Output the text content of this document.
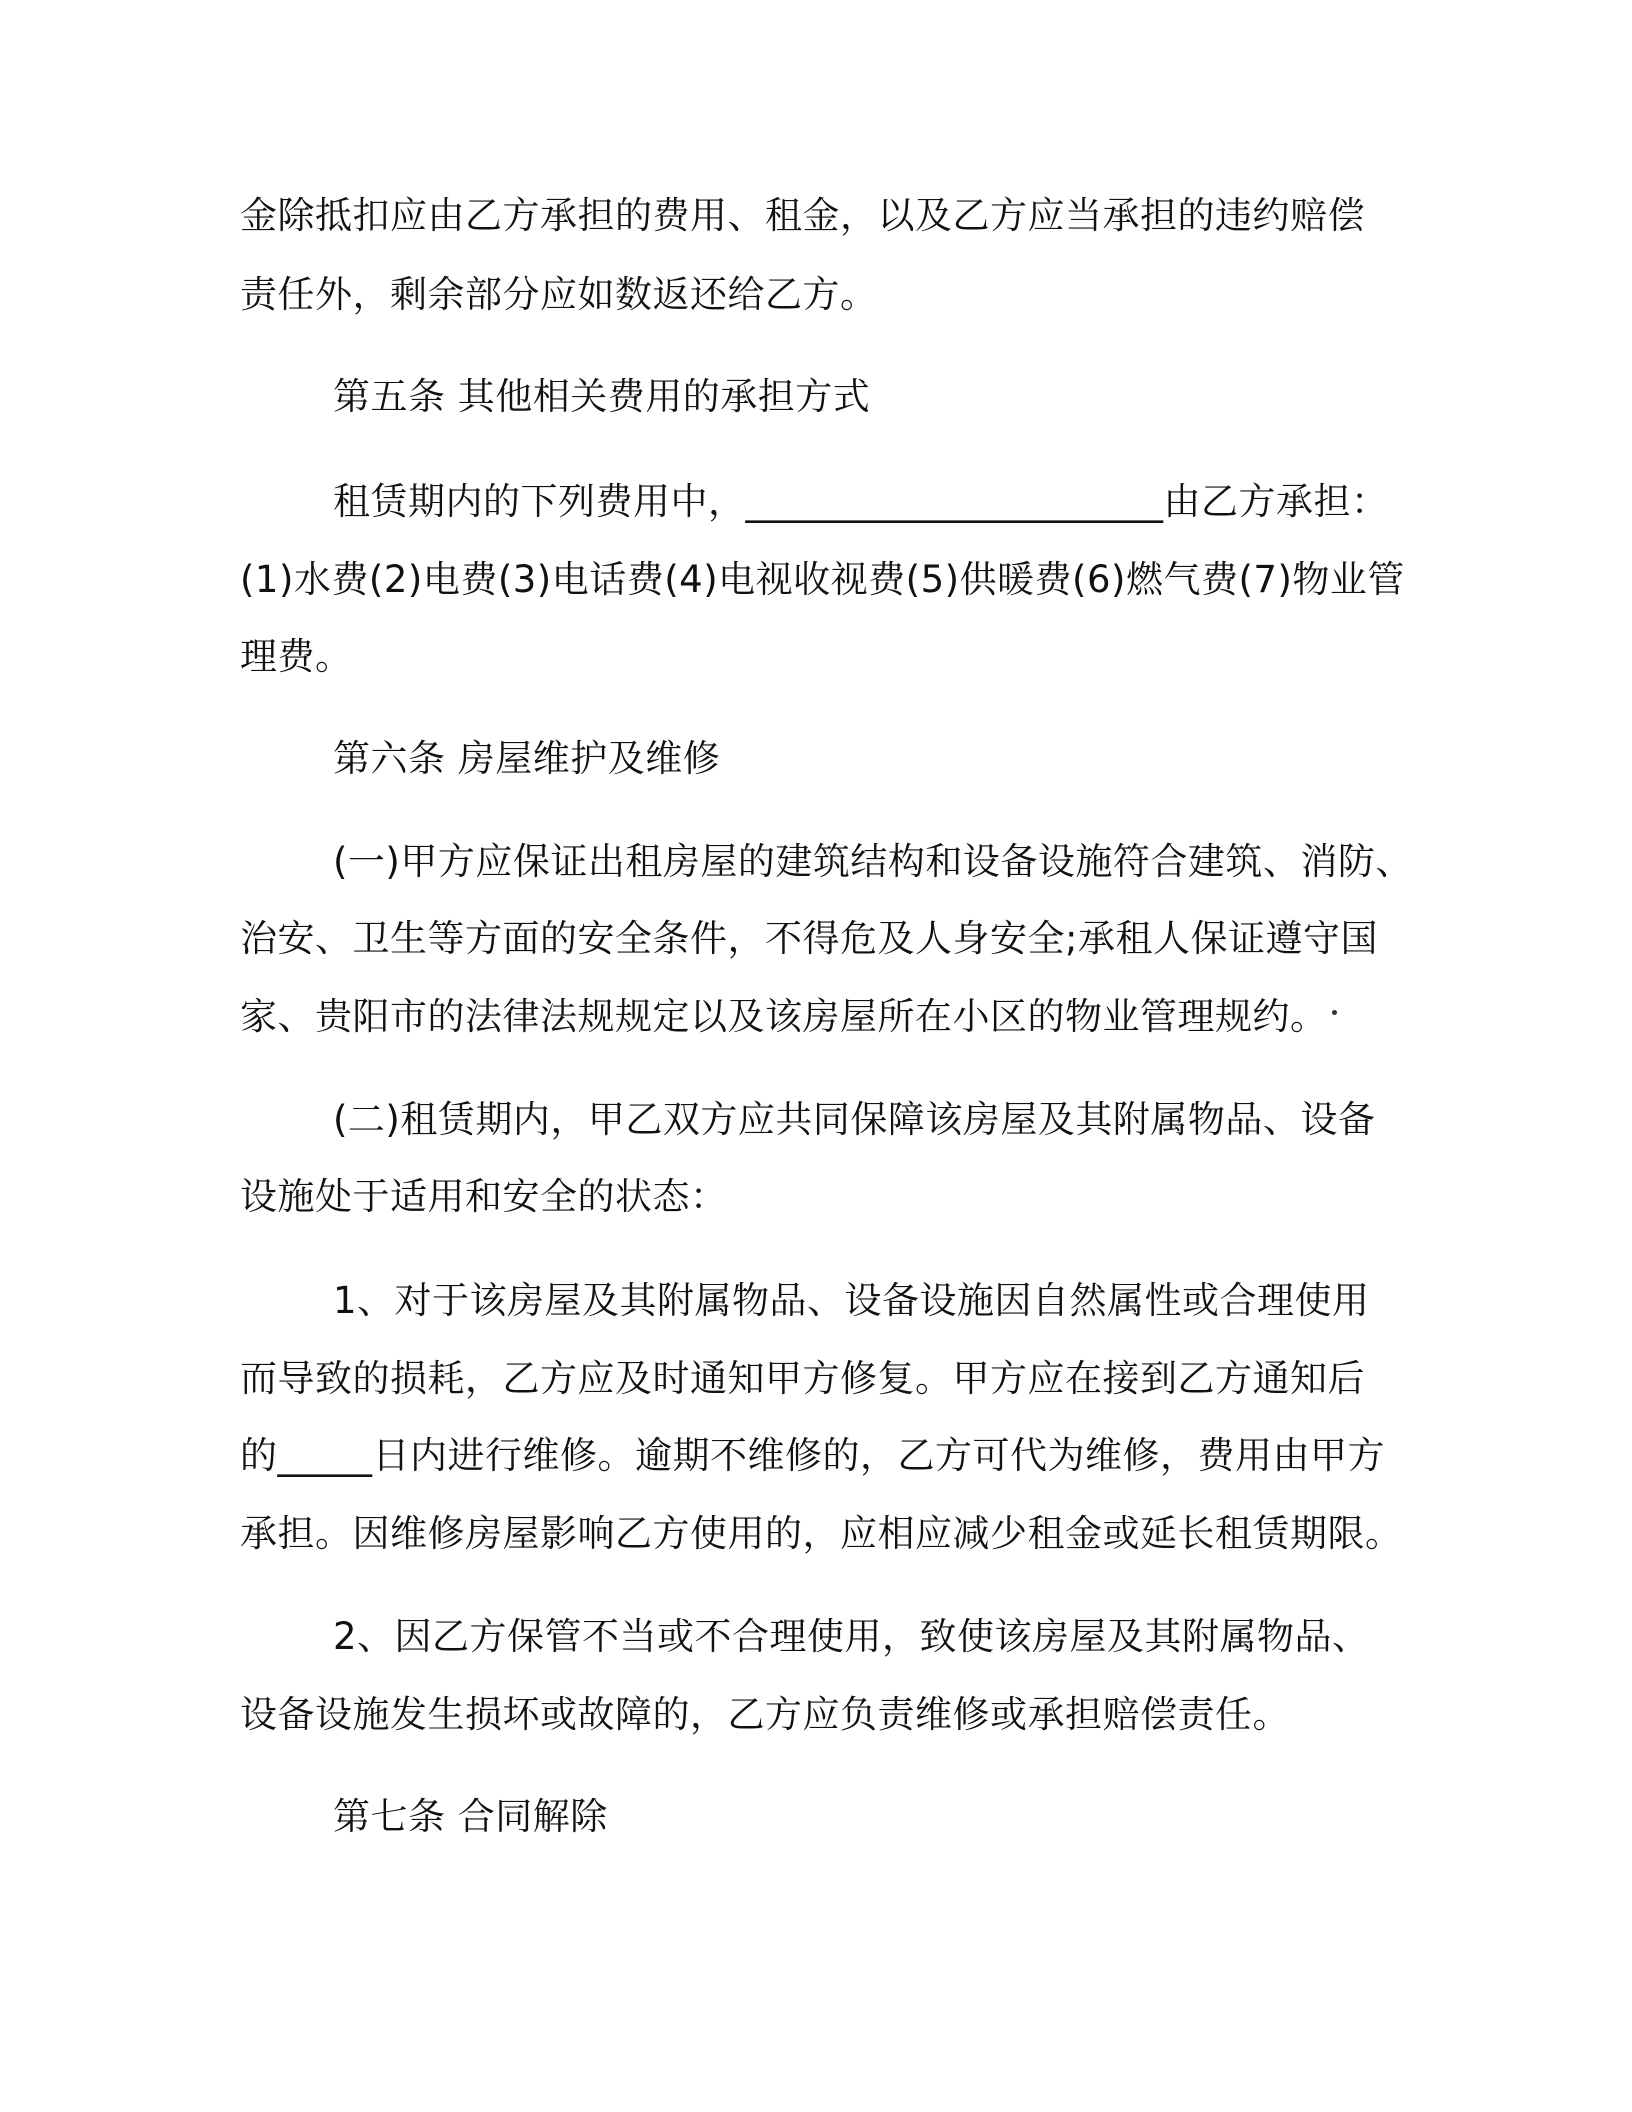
金除抵扣应由乙方承担的费用、租金，以及乙方应当承担的违约赔偿
责任外，剩余部分应如数返还给乙方。
第五条 其他相关费用的承担方式
租赁期内的下列费用中，______________________由乙方承担：
(1)水费(2)电费(3)电话费(4)电视收视费(5)供暖费(6)燃气费(7)物业管
理费。
第六条 房屋维护及维修
(一)甲方应保证出租房屋的建筑结构和设备设施符合建筑、消防、
治安、卫生等方面的安全条件，不得危及人身安全;承租人保证遵守国
家、贵阳市的法律法规规定以及该房屋所在小区的物业管理规约。
(二)租赁期内，甲乙双方应共同保障该房屋及其附属物品、设备
设施处于适用和安全的状态：
1、对于该房屋及其附属物品、设备设施因自然属性或合理使用
而导致的损耗，乙方应及时通知甲方修复。甲方应在接到乙方通知后
的_____日内进行维修。逾期不维修的，乙方可代为维修，费用由甲方
承担。因维修房屋影响乙方使用的，应相应减少租金或延长租赁期限。
2、因乙方保管不当或不合理使用，致使该房屋及其附属物品、
设备设施发生损坏或故障的，乙方应负责维修或承担赔偿责任。
第七条 合同解除
